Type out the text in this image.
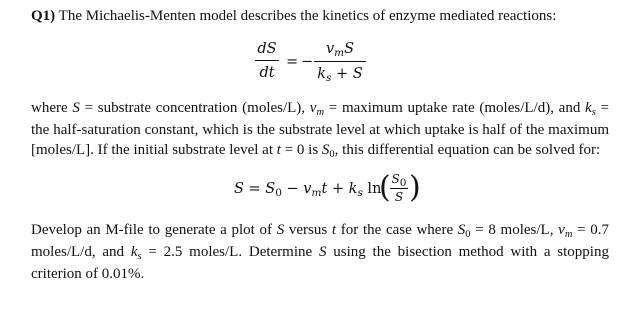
Q1) The Michaelis-Menten model describes the kinetics of enzyme mediated reactions:

dS
dt
= −
$v_mS$
$k_s + S$

where S = substrate concentration (moles/L), $v_m$ = maximum uptake rate (moles/L/d), and $k_s$ = the half-saturation constant, which is the substrate level at which uptake is half of the maximum [moles/L]. If the initial substrate level at t = 0 is $S_0$, this differential equation can be solved for:

$S = S_0 - v_mt + k_s$ ln
( S0
S )

Develop an M-file to generate a plot of S versus t for the case where $S_0 = 8$ moles/L, $v_m = 0.7$ moles/L/d, and $k_s = 2.5$ moles/L. Determine S using the bisection method with a stopping criterion of 0.01%.
